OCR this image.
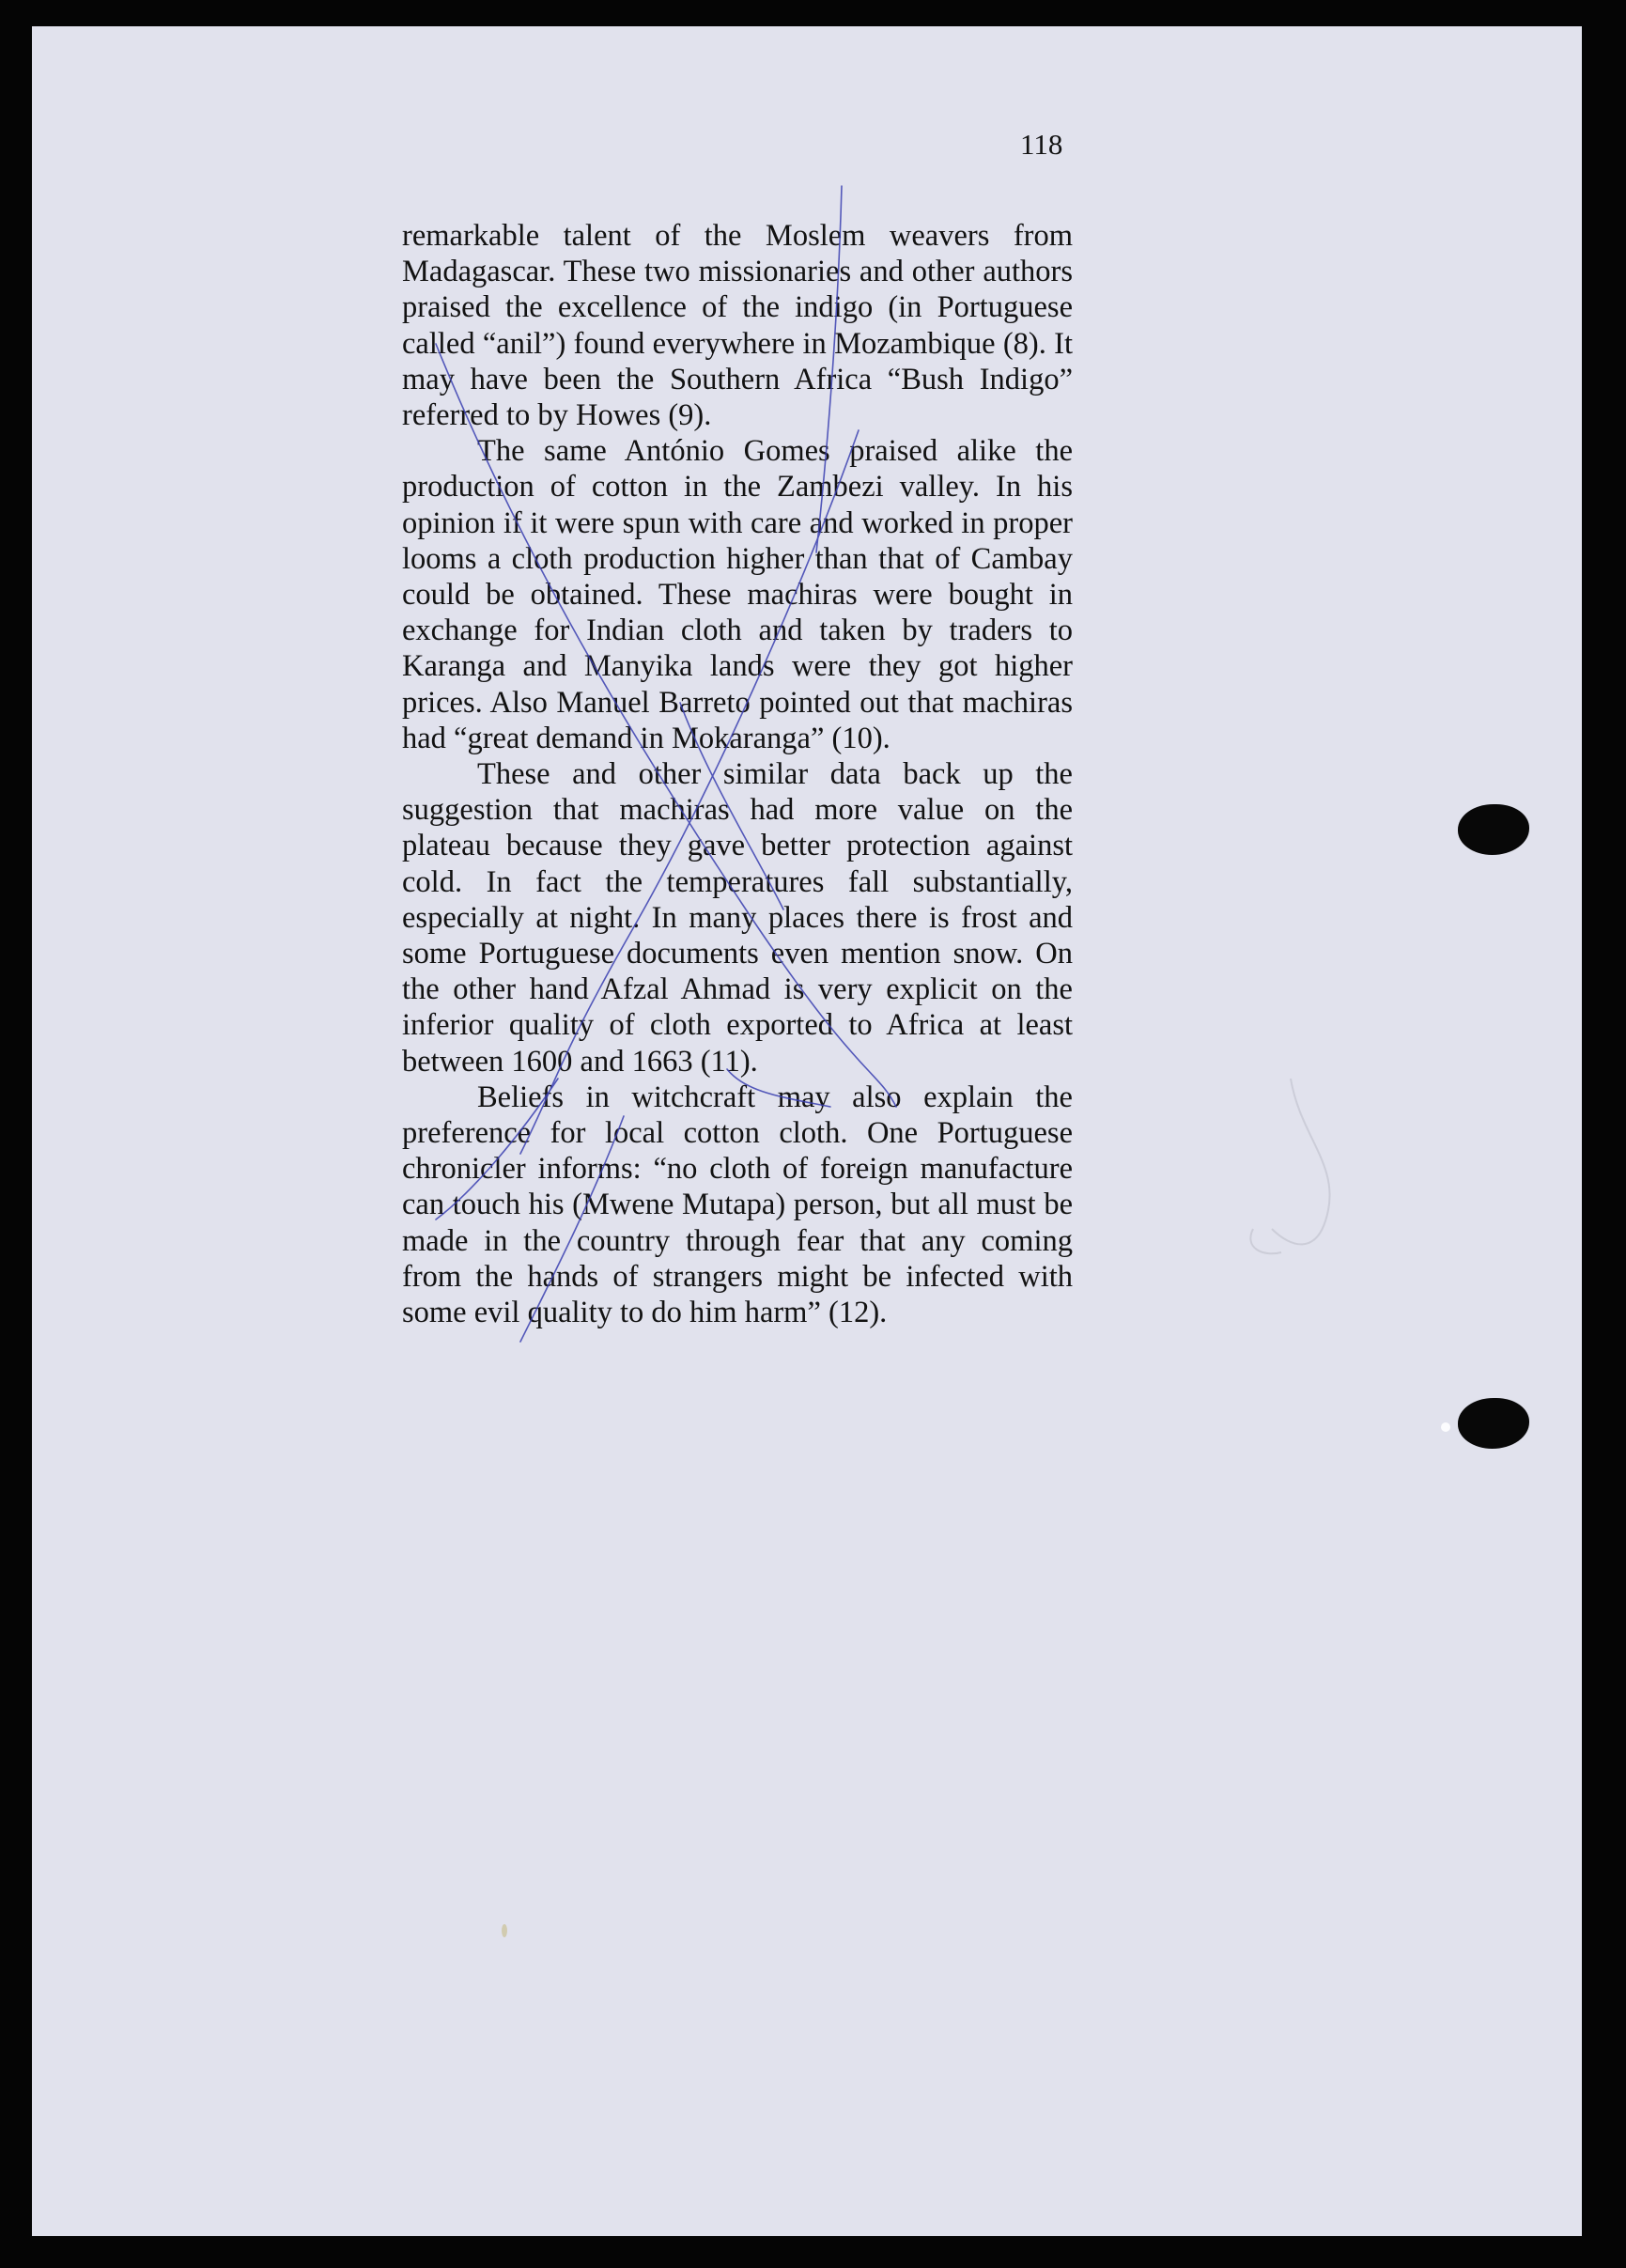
118

remarkable talent of the Moslem weavers from Madagascar. These two missionaries and other authors praised the excellence of the indigo (in Portuguese called “anil”) found everywhere in Mozambique (8). It may have been the Southern Africa “Bush Indigo” referred to by Howes (9).

The same António Gomes praised alike the production of cotton in the Zambezi valley. In his opinion if it were spun with care and worked in proper looms a cloth production higher than that of Cambay could be obtained. These machiras were bought in exchange for Indian cloth and taken by traders to Karanga and Manyika lands were they got higher prices. Also Manuel Barreto pointed out that machiras had “great demand in Mokaranga” (10).

These and other similar data back up the suggestion that machiras had more value on the plateau because they gave better protection against cold. In fact the temperatures fall substantially, especially at night. In many places there is frost and some Portuguese documents even mention snow. On the other hand Afzal Ahmad is very explicit on the inferior quality of cloth exported to Africa at least between 1600 and 1663 (11).

Beliefs in witchcraft may also explain the preference for local cotton cloth. One Portuguese chronicler informs: “no cloth of foreign manufacture can touch his (Mwene Mutapa) person, but all must be made in the country through fear that any coming from the hands of strangers might be infected with some evil quality to do him harm” (12).
